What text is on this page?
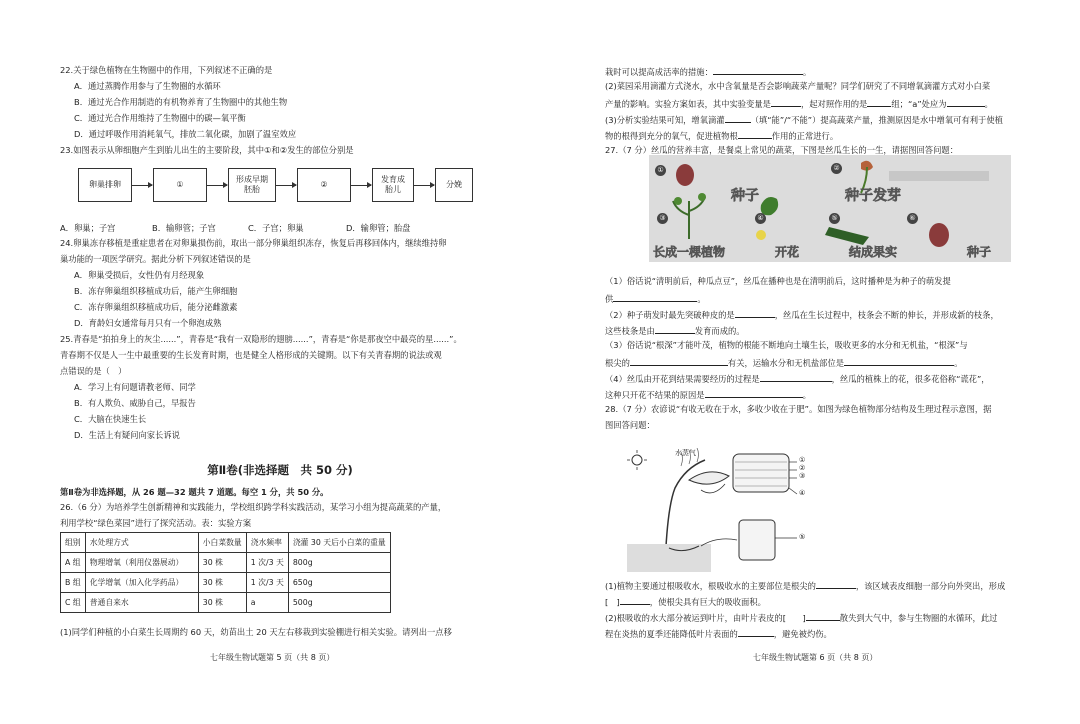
22.关于绿色植物在生物圈中的作用，下列叙述不正确的是
A．通过蒸腾作用参与了生物圈的水循环
B．通过光合作用制造的有机物养育了生物圈中的其他生物
C．通过光合作用维持了生物圈中的碳—氧平衡
D．通过呼吸作用消耗氧气，排放二氧化碳，加剧了温室效应
23.如图表示从卵细胞产生到胎儿出生的主要阶段，其中①和②发生的部位分别是
卵巢排卵	①
形成早期胚胎
②
发育成胎儿
分娩
A．卵巢；子宫	B．输卵管；子宫	C．子宫；卵巢	D．输卵管；胎盘
24.卵巢冻存移植是重症患者在对卵巢损伤前，取出一部分卵巢组织冻存，恢复后再移回体内，继续维持卵
巢功能的一项医学研究。据此分析下列叙述错误的是
A．卵巢受损后，女性仍有月经现象
B．冻存卵巢组织移植成功后，能产生卵细胞
C．冻存卵巢组织移植成功后，能分泌雌激素
D．育龄妇女通常每月只有一个卵泡成熟
25.青春是“拍拍身上的灰尘......”，青春是“我有一双隐形的翅膀......”，青春是“你是那夜空中最亮的星......”。
青春期不仅是人一生中最重要的生长发育时期，也是健全人格形成的关键期。以下有关青春期的说法或观
点错误的是（　）
A．学习上有问题请教老师、同学
B．有人欺负、威胁自己，早报告
C．大脑在快速生长
D．生活上有疑问向家长诉说
第Ⅱ卷(非选择题　共 50 分)
第Ⅱ卷为非选择题，从 26 题—32 题共 7 道题。每空 1 分，共 50 分。
26.（6 分）为培养学生创新精神和实践能力，学校组织跨学科实践活动，某学习小组为提高蔬菜的产量，
利用学校“绿色菜园”进行了探究活动。表：实验方案
组别	水处理方式	小白菜数量	浇水频率	浇灌 30 天后小白菜的重量
A 组	物理增氧（利用仪器展动）	30 株	1 次/3 天	800g
B 组	化学增氧（加入化学药品）	30 株	1 次/3 天	650g
C 组	普通自来水	30 株	a	500g
(1)同学们种植的小白菜生长周期约 60 天，幼苗出土 20 天左右移栽到实验棚进行相关实验。请列出一点移
七年级生物试题第 5 页（共 8 页）
栽时可以提高成活率的措施：	。
(2)菜园采用滴灌方式浇水，水中含氧量是否会影响蔬菜产量呢？同学们研究了不同增氧滴灌方式对小白菜
产量的影响。实验方案如表，其中实验变量是	，起对照作用的是	组；“a”处应为	。
(3)分析实验结果可知，增氧滴灌	（填“能”/“不能”）提高蔬菜产量，推测原因是水中增氧可有利于使植
物的根得到充分的氧气，促进植物根	作用的正常进行。
27.（7 分）丝瓜的营养丰富，是餐桌上常见的蔬菜，下图是丝瓜生长的一生，请据图回答问题：
①	②
③	④	⑤	⑥
种子	种子发芽
长成一棵植物	开花	结成果实	种子
（1）俗话说“清明前后，种瓜点豆”，丝瓜在播种也是在清明前后，这时播种是为种子的萌发提
供	。
（2）种子萌发时最先突破种皮的是	，丝瓜在生长过程中，枝条会不断的伸长，并形成新的枝条，
这些枝条是由	发育而成的。
（3）俗话说“根深”才能叶茂，植物的根能不断地向土壤生长，吸收更多的水分和无机盐，“根深”与
根尖的	有关，运输水分和无机盐部位是	。
（4）丝瓜由开花到结果需要经历的过程是	，丝瓜的植株上的花，很多花俗称“谎花”，
这种只开花不结果的原因是	。
28.（7 分）农谚说“有收无收在于水，多收少收在于肥”。如图为绿色植物部分结构及生理过程示意图，据
图回答问题：
水蒸气
①
②
③
④
⑤
(1)植物主要通过根吸收水，根吸收水的主要部位是根尖的	，该区域表皮细胞一部分向外突出，形成
[　]	，使根尖具有巨大的吸收面积。
(2)根吸收的水大部分被运到叶片，由叶片表皮的[　　]	散失到大气中，参与生物圈的水循环，此过
程在炎热的夏季还能降低叶片表面的	，避免被灼伤。
七年级生物试题第 6 页（共 8 页）
